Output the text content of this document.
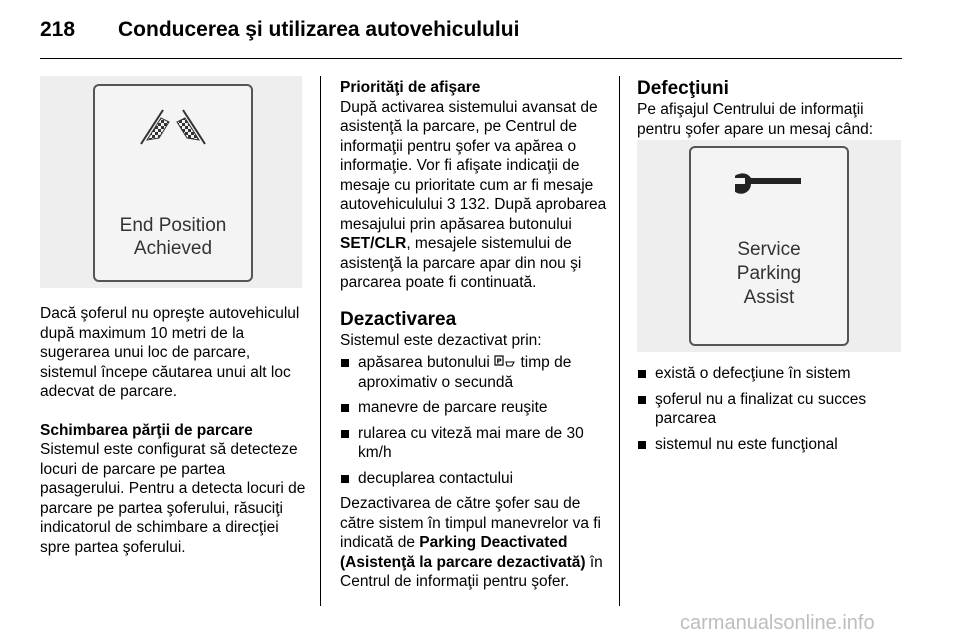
218 Conducerea şi utilizarea autovehiculului
End Position
Achieved

Dacă şoferul nu opreşte autovehiculul după maximum 10 metri de la sugerarea unui loc de parcare, sistemul începe căutarea unui alt loc adecvat de parcare.

Schimbarea părţii de parcare

Sistemul este configurat să detecteze locuri de parcare pe partea pasagerului. Pentru a detecta locuri de parcare pe partea şoferului, răsuciţi indicatorul de schimbare a direcţiei spre partea şoferului.

Priorităţi de afişare

După activarea sistemului avansat de asistenţă la parcare, pe Centrul de informaţii pentru şofer va apărea o informaţie. Vor fi afişate indicaţii de mesaje cu prioritate cum ar fi mesaje autovehiculului 3 132. După aprobarea mesajului prin apăsarea butonului SET/CLR, mesajele sistemului de asistenţă la parcare apar din nou şi parcarea poate fi continuată.

Dezactivarea

Sistemul este dezactivat prin:

apăsarea butonului P timp de aproximativ o secundă
manevre de parcare reuşite
rularea cu viteză mai mare de 30 km/h
decuplarea contactului

Dezactivarea de către şofer sau de către sistem în timpul manevrelor va fi indicată de Parking Deactivated (Asistenţă la parcare dezactivată) în Centrul de informaţii pentru şofer.

Defecţiuni

Pe afişajul Centrului de informaţii pentru şofer apare un mesaj când:

Service
Parking
Assist
există o defecţiune în sistem
şoferul nu a finalizat cu succes parcarea
sistemul nu este funcţional
carmanualsonline.info
